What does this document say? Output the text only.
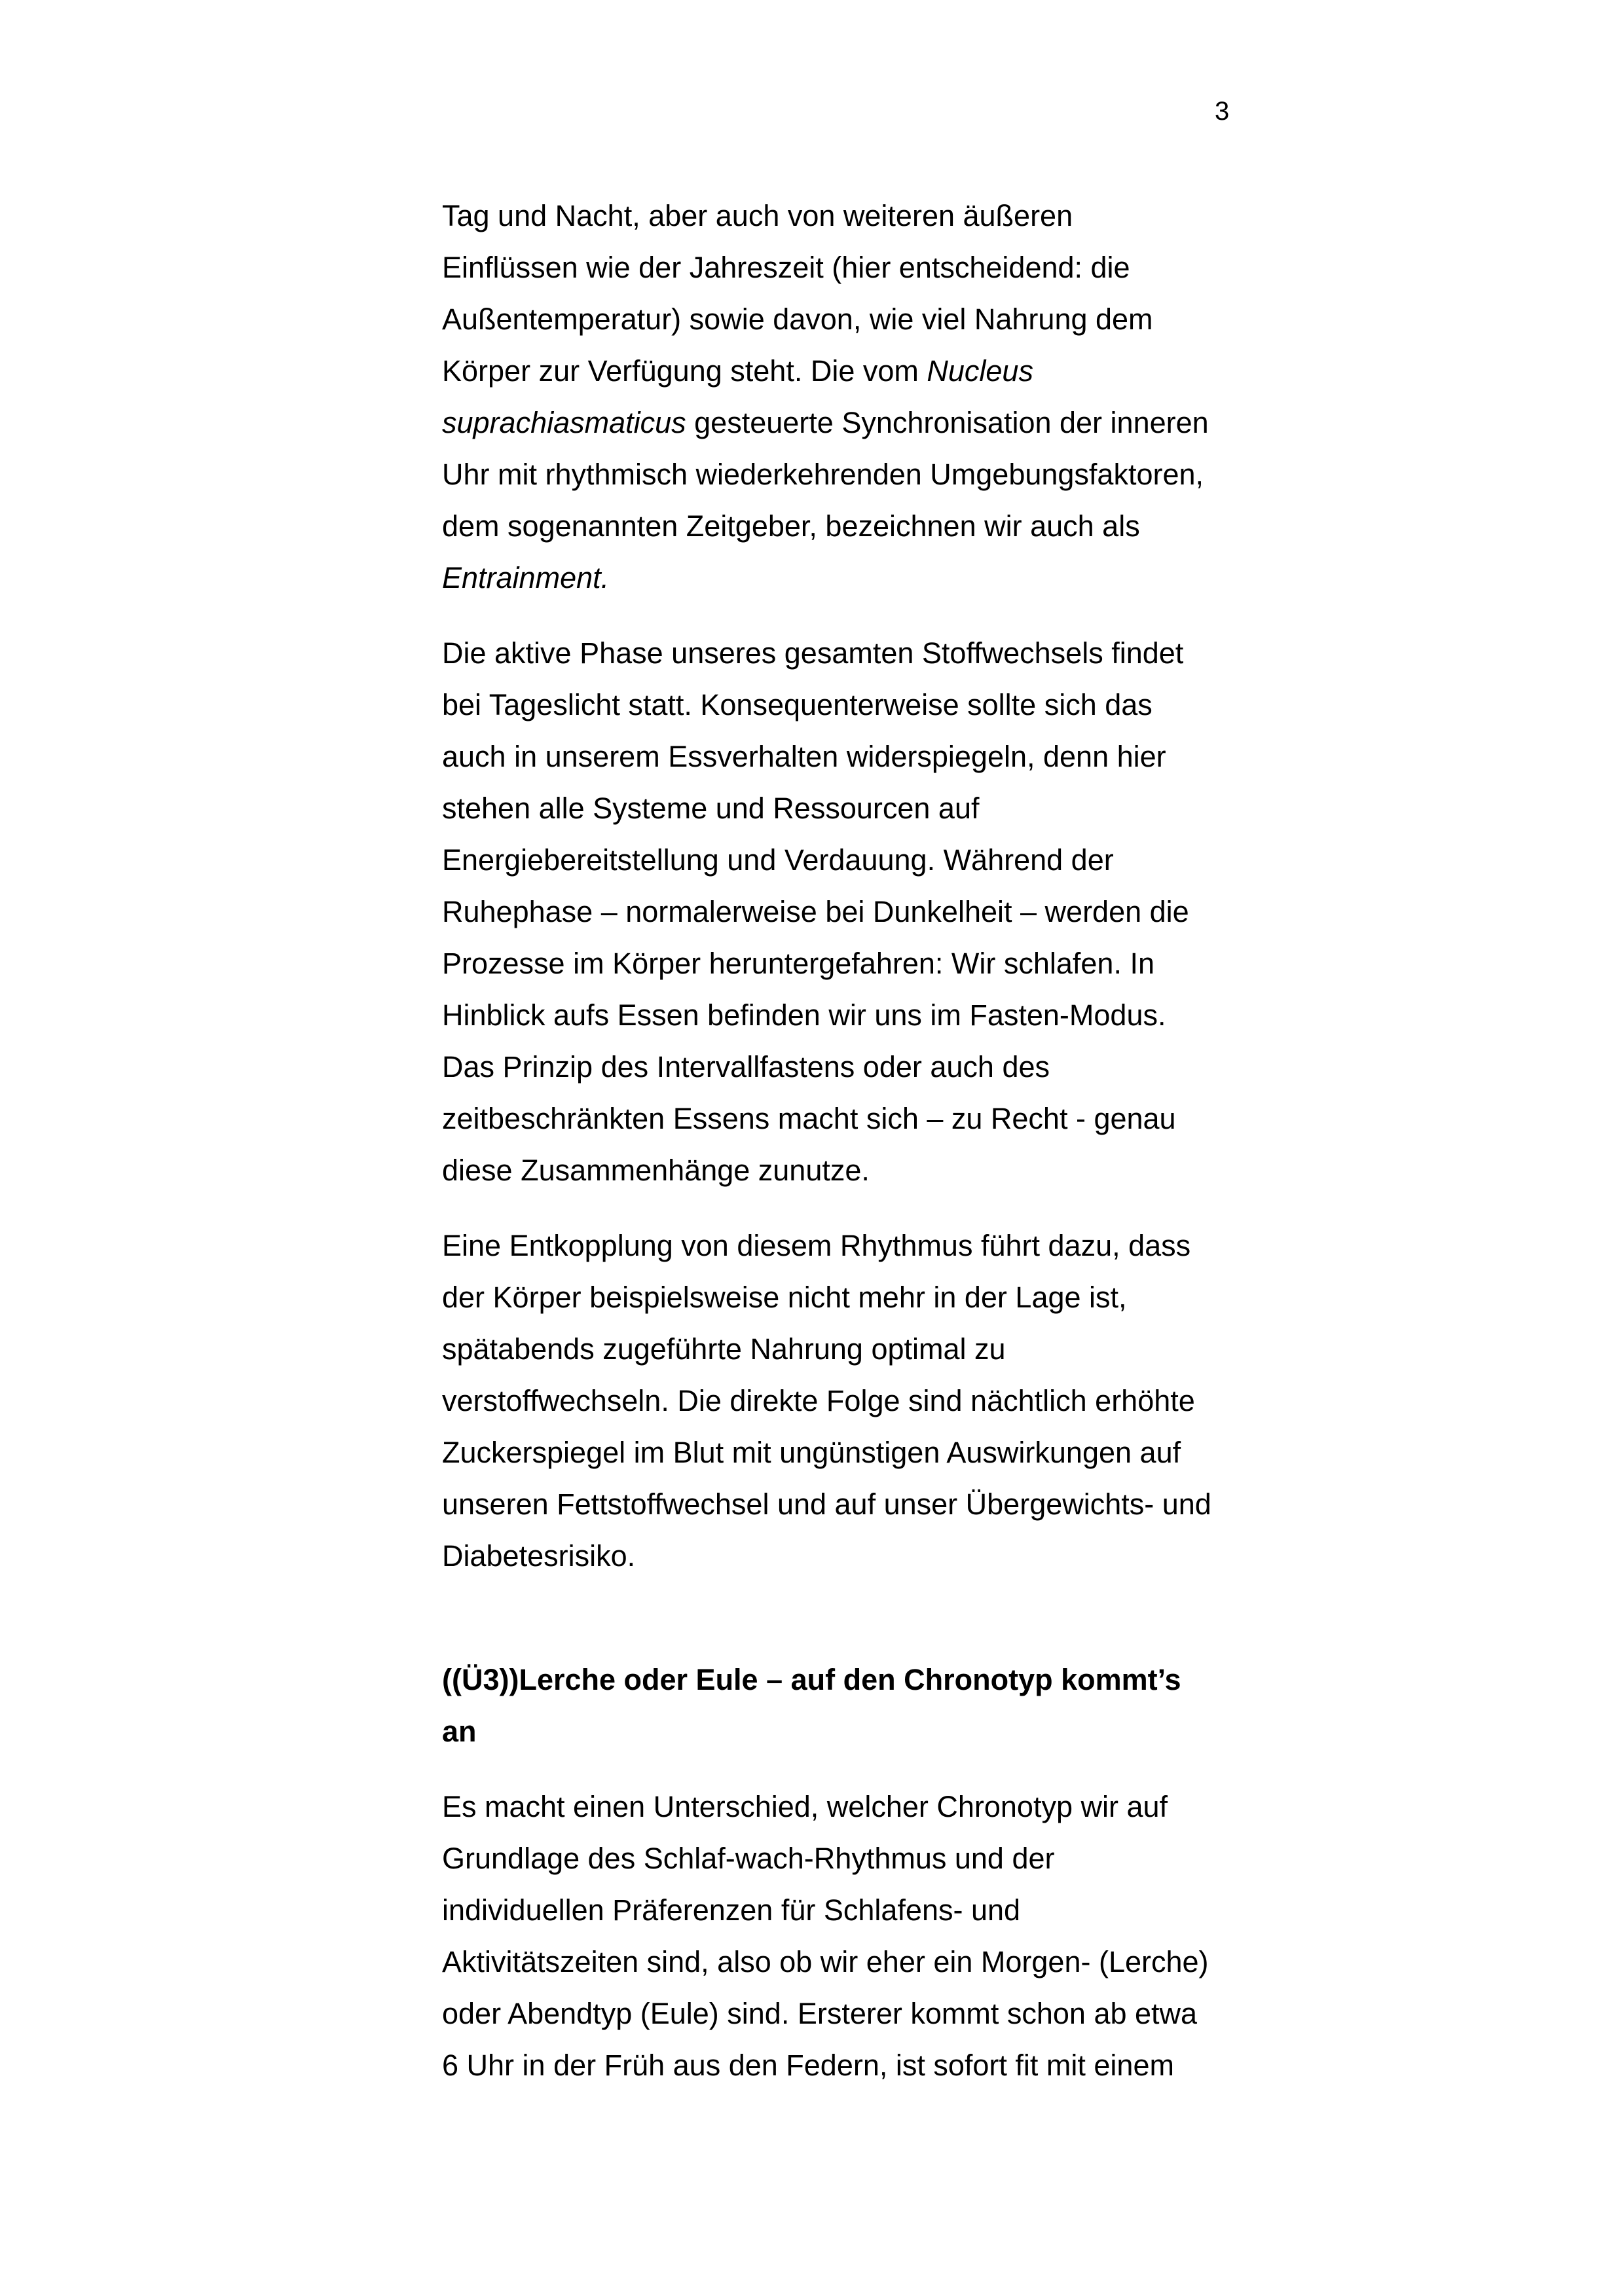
3
Tag und Nacht, aber auch von weiteren äußeren
Einflüssen wie der Jahreszeit (hier entscheidend: die
Außentemperatur) sowie davon, wie viel Nahrung dem
Körper zur Verfügung steht. Die vom Nucleus
suprachiasmaticus gesteuerte Synchronisation der inneren
Uhr mit rhythmisch wiederkehrenden Umgebungsfaktoren,
dem sogenannten Zeitgeber, bezeichnen wir auch als
Entrainment.
Die aktive Phase unseres gesamten Stoffwechsels findet
bei Tageslicht statt. Konsequenterweise sollte sich das
auch in unserem Essverhalten widerspiegeln, denn hier
stehen alle Systeme und Ressourcen auf
Energiebereitstellung und Verdauung. Während der
Ruhephase – normalerweise bei Dunkelheit – werden die
Prozesse im Körper heruntergefahren: Wir schlafen. In
Hinblick aufs Essen befinden wir uns im Fasten-Modus.
Das Prinzip des Intervallfastens oder auch des
zeitbeschränkten Essens macht sich – zu Recht - genau
diese Zusammenhänge zunutze.
Eine Entkopplung von diesem Rhythmus führt dazu, dass
der Körper beispielsweise nicht mehr in der Lage ist,
spätabends zugeführte Nahrung optimal zu
verstoffwechseln. Die direkte Folge sind nächtlich erhöhte
Zuckerspiegel im Blut mit ungünstigen Auswirkungen auf
unseren Fettstoffwechsel und auf unser Übergewichts- und
Diabetesrisiko.
((Ü3))Lerche oder Eule – auf den Chronotyp kommt’s
an
Es macht einen Unterschied, welcher Chronotyp wir auf
Grundlage des Schlaf-wach-Rhythmus und der
individuellen Präferenzen für Schlafens- und
Aktivitätszeiten sind, also ob wir eher ein Morgen- (Lerche)
oder Abendtyp (Eule) sind. Ersterer kommt schon ab etwa
6 Uhr in der Früh aus den Federn, ist sofort fit mit einem
